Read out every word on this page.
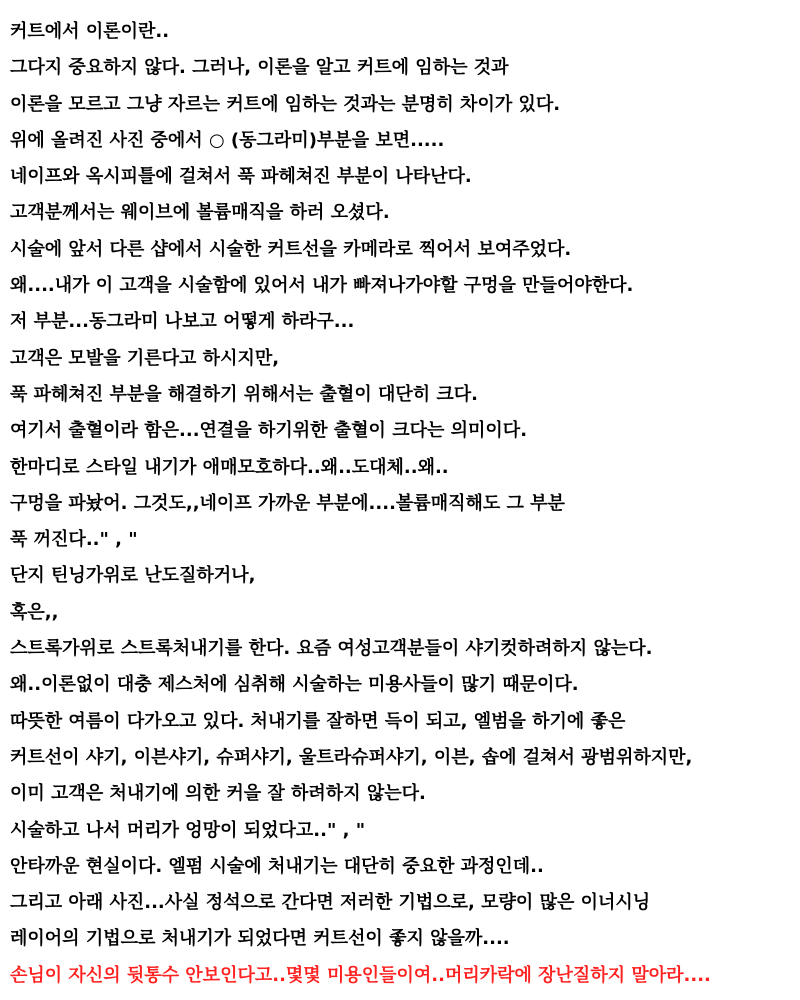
커트에서 이론이란..
그다지 중요하지 않다. 그러나, 이론을 알고 커트에 임하는 것과
이론을 모르고 그냥 자르는 커트에 임하는 것과는 분명히 차이가 있다.
위에 올려진 사진 중에서 ○ (동그라미)부분을 보면.....
네이프와 옥시피틀에 걸쳐서 푹 파헤쳐진 부분이 나타난다.
고객분께서는 웨이브에 볼륨매직을 하러 오셨다.
시술에 앞서 다른 샵에서 시술한 커트선을 카메라로 찍어서 보여주었다.
왜....내가 이 고객을 시술함에 있어서 내가 빠져나가야할 구멍을 만들어야한다.
저 부분...동그라미 나보고 어떻게 하라구...
고객은 모발을 기른다고 하시지만,
푹 파헤쳐진 부분을 해결하기 위해서는 출혈이 대단히 크다.
여기서 출혈이라 함은...연결을 하기위한 출혈이 크다는 의미이다.
한마디로 스타일 내기가 애매모호하다..왜..도대체..왜..
구멍을 파놨어. 그것도,,네이프 가까운 부분에....볼륨매직해도 그 부분
푹 꺼진다.." , "
단지 틴닝가위로 난도질하거나,
혹은,,
스트록가위로 스트록처내기를 한다. 요즘 여성고객분들이 샤기컷하려하지 않는다.
왜..이론없이 대충 제스처에 심취해 시술하는 미용사들이 많기 때문이다.
따뜻한 여름이 다가오고 있다. 처내기를 잘하면 득이 되고, 엘범을 하기에 좋은
커트선이 샤기, 이븐샤기, 슈퍼샤기, 울트라슈퍼샤기, 이븐, 솝에 걸쳐서 광범위하지만,
이미 고객은 처내기에 의한 커을 잘 하려하지 않는다.
시술하고 나서 머리가 엉망이 되었다고.." , "
안타까운 현실이다. 엘펌 시술에 처내기는 대단히 중요한 과정인데..
그리고 아래 사진...사실 정석으로 간다면 저러한 기법으로, 모량이 많은 이너시닝
레이어의 기법으로 처내기가 되었다면 커트선이 좋지 않을까....
손님이 자신의 뒷통수 안보인다고..몇몇 미용인들이여..머리카락에 장난질하지 말아라....
